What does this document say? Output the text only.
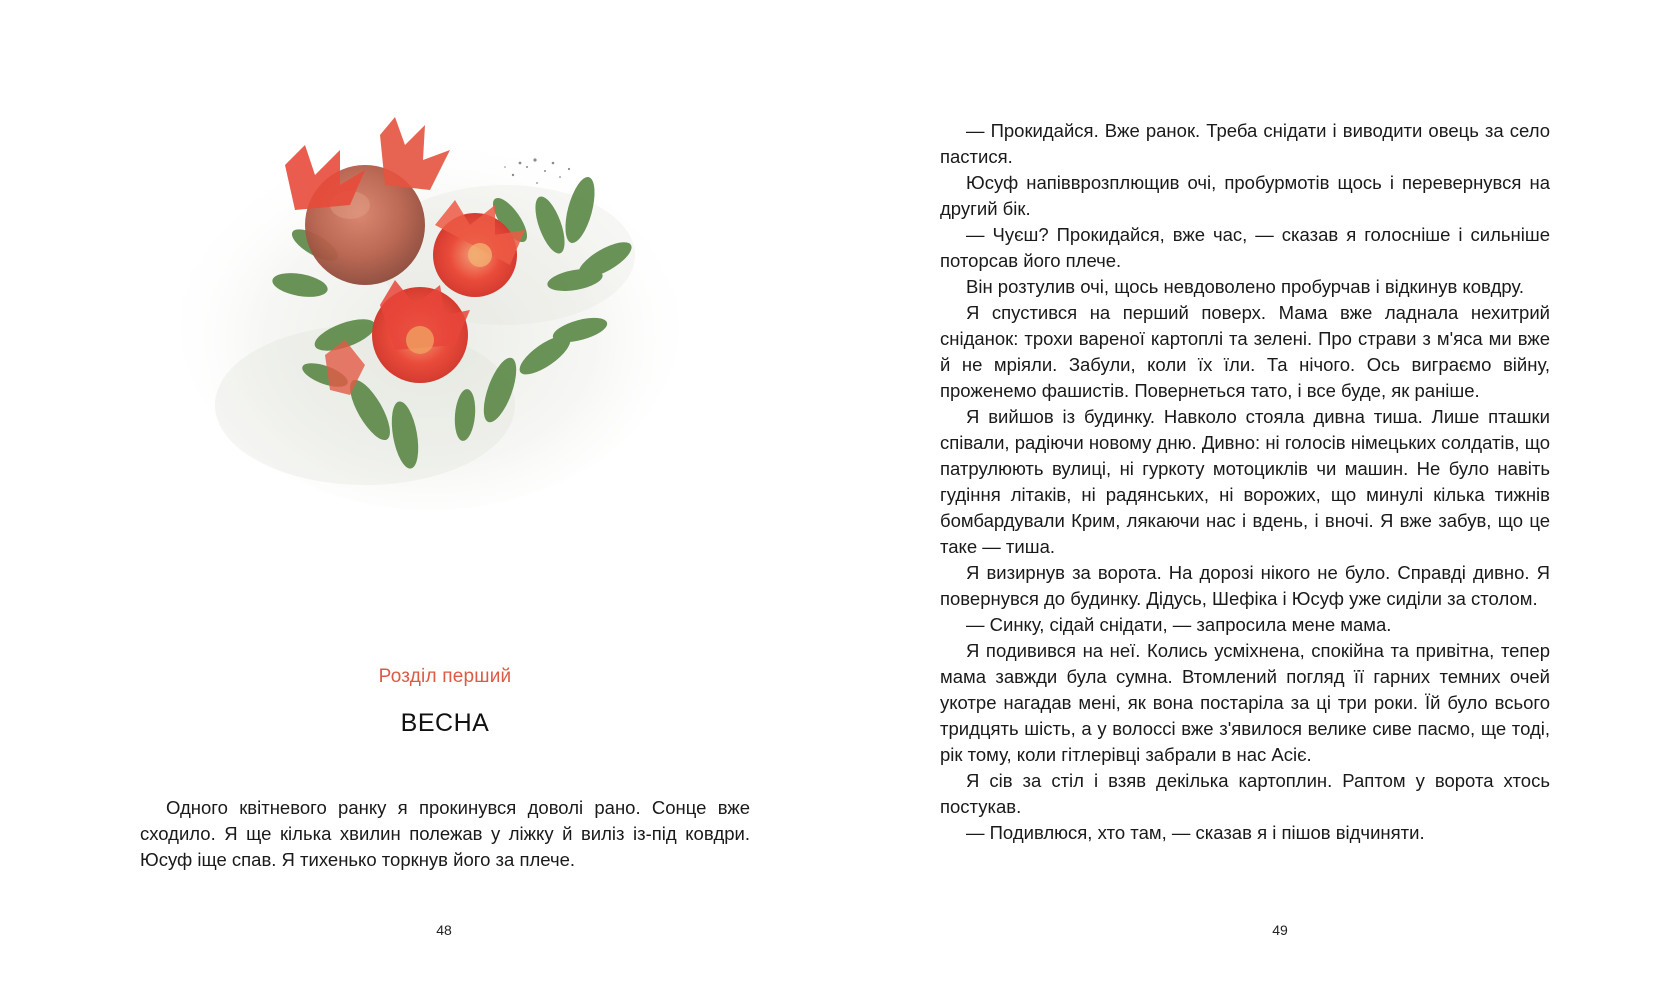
Розділ перший
ВЕСНА

Одного квітневого ранку я прокинувся доволі рано. Сонце вже сходило. Я ще кілька хвилин полежав у ліжку й виліз із-під ковдри. Юсуф іще спав. Я тихенько торкнув його за плече.

48

— Прокидайся. Вже ранок. Треба снідати і виводити овець за село пастися.

Юсуф напівврозплющив очі, пробурмотів щось і перевернувся на другий бік.

— Чуєш? Прокидайся, вже час, — сказав я голосніше і сильніше поторсав його плече.

Він розтулив очі, щось невдоволено пробурчав і відкинув ковдру.

Я спустився на перший поверх. Мама вже ладнала нехитрий сніданок: трохи вареної картоплі та зелені. Про страви з м'яса ми вже й не мріяли. Забули, коли їх їли. Та нічого. Ось виграємо війну, проженемо фашистів. Повернеться тато, і все буде, як раніше.

Я вийшов із будинку. Навколо стояла дивна тиша. Лише пташки співали, радіючи новому дню. Дивно: ні голосів німецьких солдатів, що патрулюють вулиці, ні гуркоту мотоциклів чи машин. Не було навіть гудіння літаків, ні радянських, ні ворожих, що минулі кілька тижнів бомбардували Крим, лякаючи нас і вдень, і вночі. Я вже забув, що це таке — тиша.

Я визирнув за ворота. На дорозі нікого не було. Справді дивно. Я повернувся до будинку. Дідусь, Шефіка і Юсуф уже сиділи за столом.

— Синку, сідай снідати, — запросила мене мама.

Я подивився на неї. Колись усміхнена, спокійна та привітна, тепер мама завжди була сумна. Втомлений погляд її гарних темних очей укотре нагадав мені, як вона постаріла за ці три роки. Їй було всього тридцять шість, а у волоссі вже з'явилося велике сиве пасмо, ще тоді, рік тому, коли гітлерівці забрали в нас Асіє.

Я сів за стіл і взяв декілька картоплин. Раптом у ворота хтось постукав.

— Подивлюся, хто там, — сказав я і пішов відчиняти.

49
